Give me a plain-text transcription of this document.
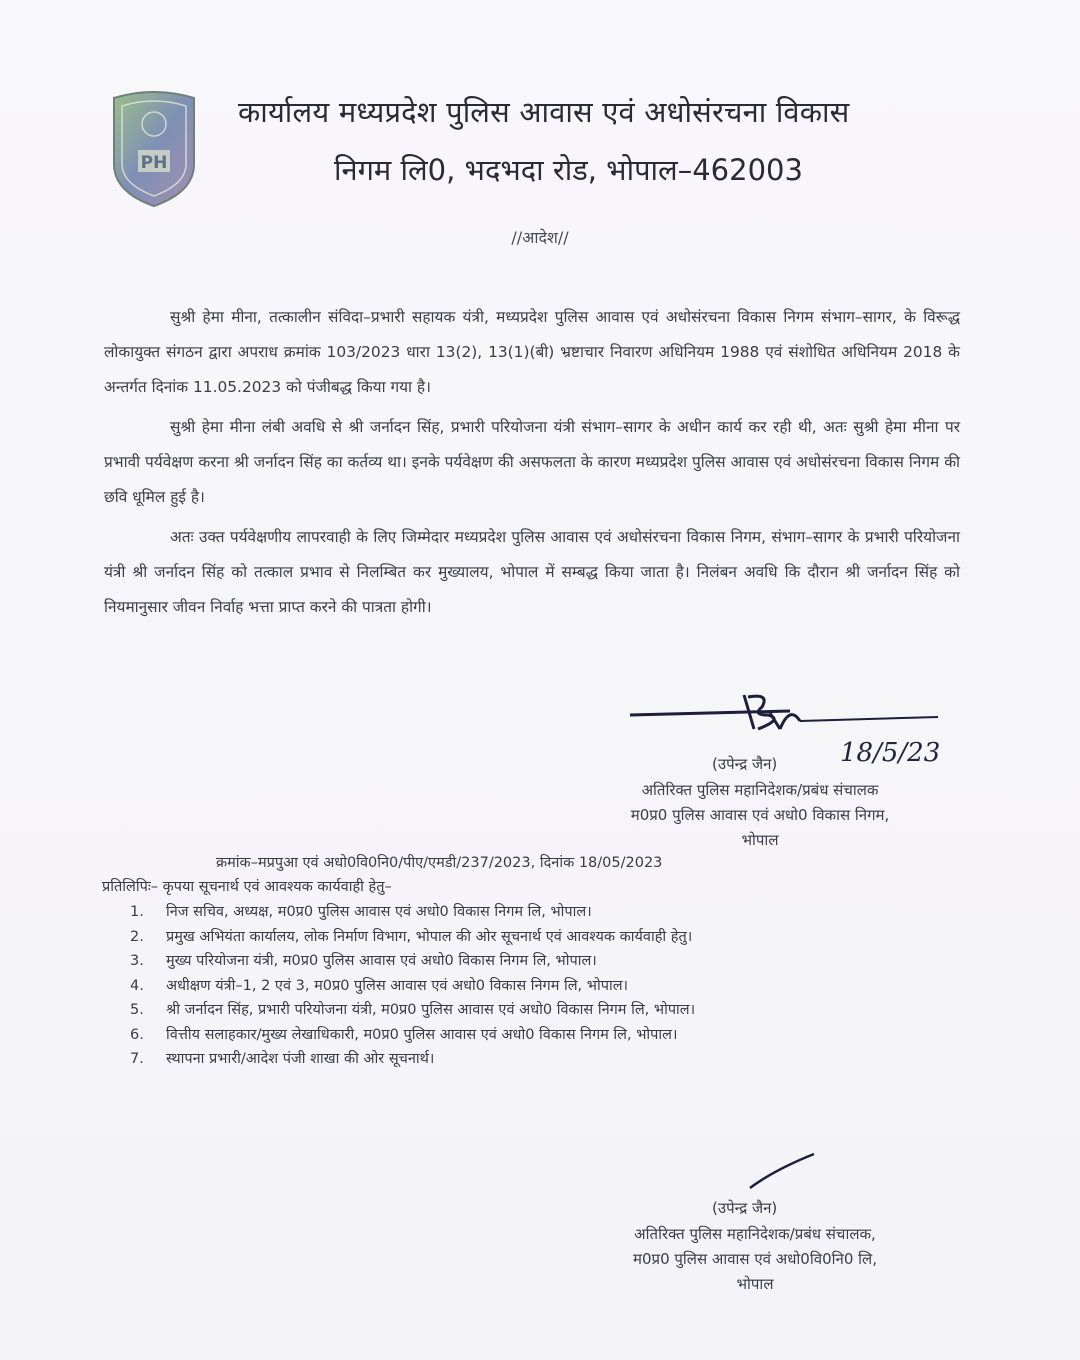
PH
कार्यालय मध्यप्रदेश पुलिस आवास एवं अधोसंरचना विकास
निगम लि0, भदभदा रोड, भोपाल–462003
//आदेश//

सुश्री हेमा मीना, तत्कालीन संविदा–प्रभारी सहायक यंत्री, मध्यप्रदेश पुलिस आवास एवं अधोसंरचना विकास निगम संभाग–सागर, के विरूद्ध लोकायुक्त संगठन द्वारा अपराध क्रमांक 103/2023 धारा 13(2), 13(1)(बी) भ्रष्टाचार निवारण अधिनियम 1988 एवं संशोधित अधिनियम 2018 के अन्तर्गत दिनांक 11.05.2023 को पंजीबद्ध किया गया है।

सुश्री हेमा मीना लंबी अवधि से श्री जर्नादन सिंह, प्रभारी परियोजना यंत्री संभाग–सागर के अधीन कार्य कर रही थी, अतः सुश्री हेमा मीना पर प्रभावी पर्यवेक्षण करना श्री जर्नादन सिंह का कर्तव्य था। इनके पर्यवेक्षण की असफलता के कारण मध्यप्रदेश पुलिस आवास एवं अधोसंरचना विकास निगम की छवि धूमिल हुई है।

अतः उक्त पर्यवेक्षणीय लापरवाही के लिए जिम्मेदार मध्यप्रदेश पुलिस आवास एवं अधोसंरचना विकास निगम, संभाग–सागर के प्रभारी परियोजना यंत्री श्री जर्नादन सिंह को तत्काल प्रभाव से निलम्बित कर मुख्यालय, भोपाल में सम्बद्ध किया जाता है। निलंबन अवधि कि दौरान श्री जर्नादन सिंह को नियमानुसार जीवन निर्वाह भत्ता प्राप्त करने की पात्रता होगी।

(उपेन्द्र जैन) 18/5/23
अतिरिक्त पुलिस महानिदेशक/प्रबंध संचालक
म0प्र0 पुलिस आवास एवं अधो0 विकास निगम,
भोपाल
क्रमांक–मप्रपुआ एवं अधो0वि0नि0/पीए/एमडी/237/2023, दिनांक 18/05/2023
प्रतिलिपिः– कृपया सूचनार्थ एवं आवश्यक कार्यवाही हेतु–
1. निज सचिव, अध्यक्ष, म0प्र0 पुलिस आवास एवं अधो0 विकास निगम लि, भोपाल।
2. प्रमुख अभियंता कार्यालय, लोक निर्माण विभाग, भोपाल की ओर सूचनार्थ एवं आवश्यक कार्यवाही हेतु।
3. मुख्य परियोजना यंत्री, म0प्र0 पुलिस आवास एवं अधो0 विकास निगम लि, भोपाल।
4. अधीक्षण यंत्री–1, 2 एवं 3, म0प्र0 पुलिस आवास एवं अधो0 विकास निगम लि, भोपाल।
5. श्री जर्नादन सिंह, प्रभारी परियोजना यंत्री, म0प्र0 पुलिस आवास एवं अधो0 विकास निगम लि, भोपाल।
6. वित्तीय सलाहकार/मुख्य लेखाधिकारी, म0प्र0 पुलिस आवास एवं अधो0 विकास निगम लि, भोपाल।
7. स्थापना प्रभारी/आदेश पंजी शाखा की ओर सूचनार्थ।
(उपेन्द्र जैन)
अतिरिक्त पुलिस महानिदेशक/प्रबंध संचालक,
म0प्र0 पुलिस आवास एवं अधो0वि0नि0 लि,
भोपाल
